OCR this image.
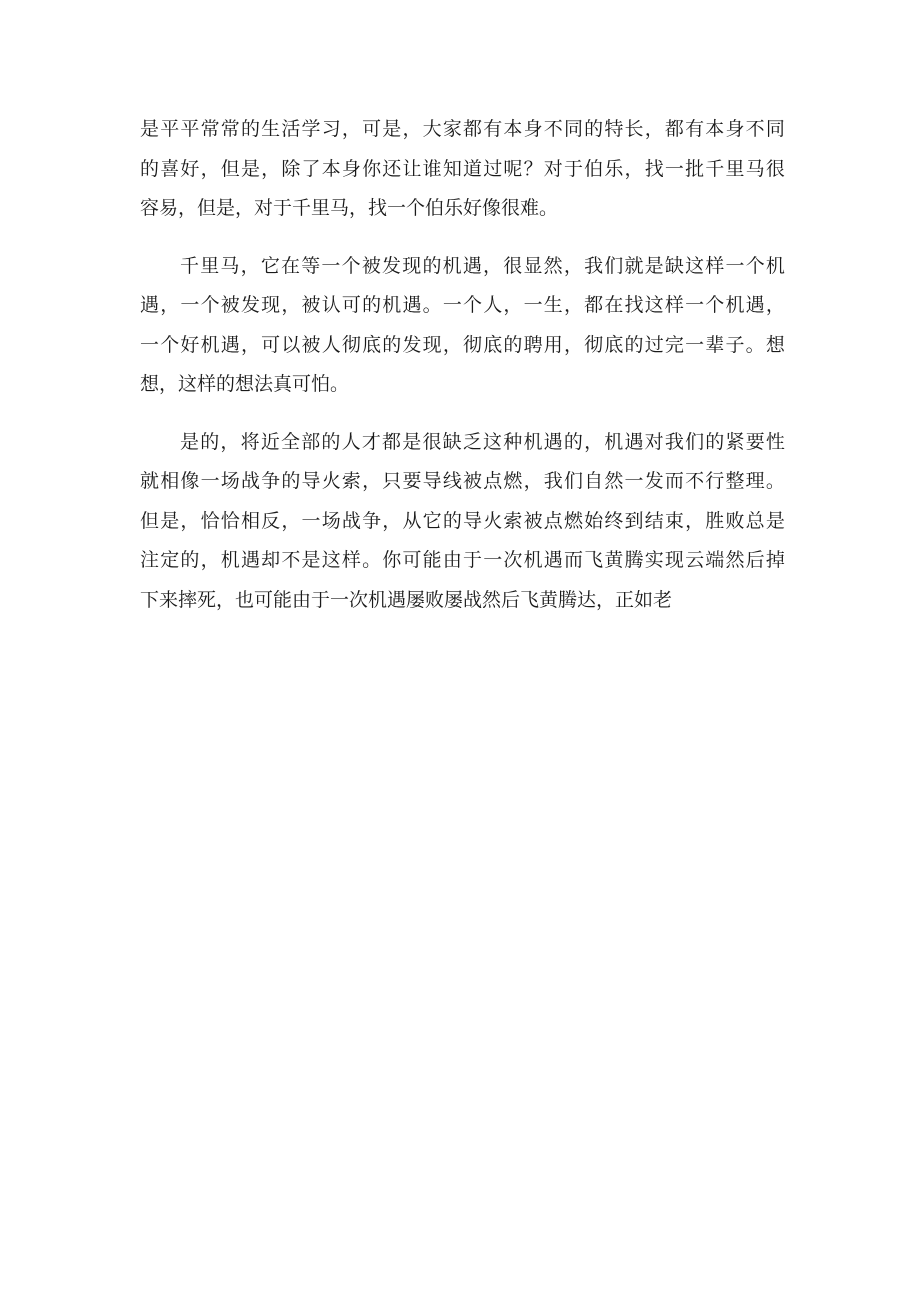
是 平 平 常 常 的 生 活 学 习 ， 可 是 ， 大 家 都 有 本 身 不 同 的 特 长 ， 都 有 本 身 不 同
的 喜 好 ， 但 是 ， 除 了 本 身 你 还 让 谁 知 道 过 呢 ？ 对 于 伯 乐 ， 找 一 批 千 里 马 很
容易，但是，对于千里马，找一个伯乐好像很难。
千 里 马 ， 它 在 等 一 个 被 发 现 的 机 遇 ， 很 显 然 ， 我 们 就 是 缺 这 样 一 个 机
遇 ， 一 个 被 发 现 ， 被 认 可 的 机 遇 。 一 个 人 ， 一 生 ， 都 在 找 这 样 一 个 机 遇 ，
一 个 好 机 遇 ， 可 以 被 人 彻 底 的 发 现 ， 彻 底 的 聘 用 ， 彻 底 的 过 完 一 辈 子 。 想
想，这样的想法真可怕。
是 的 ， 将 近 全 部 的 人 才 都 是 很 缺 乏 这 种 机 遇 的 ， 机 遇 对 我 们 的 紧 要 性
就 相 像 一 场 战 争 的 导 火 索 ， 只 要 导 线 被 点 燃 ， 我 们 自 然 一 发 而 不 行 整 理 。
但 是 ， 恰 恰 相 反 ， 一 场 战 争 ， 从 它 的 导 火 索 被 点 燃 始 终 到 结 束 ， 胜 败 总 是
注 定 的 ， 机 遇 却 不 是 这 样 。 你 可 能 由 于 一 次 机 遇 而 飞 黄 腾 实 现 云 端 然 后 掉
下来摔死，也可能由于一次机遇屡败屡战然后飞黄腾达，正如老
